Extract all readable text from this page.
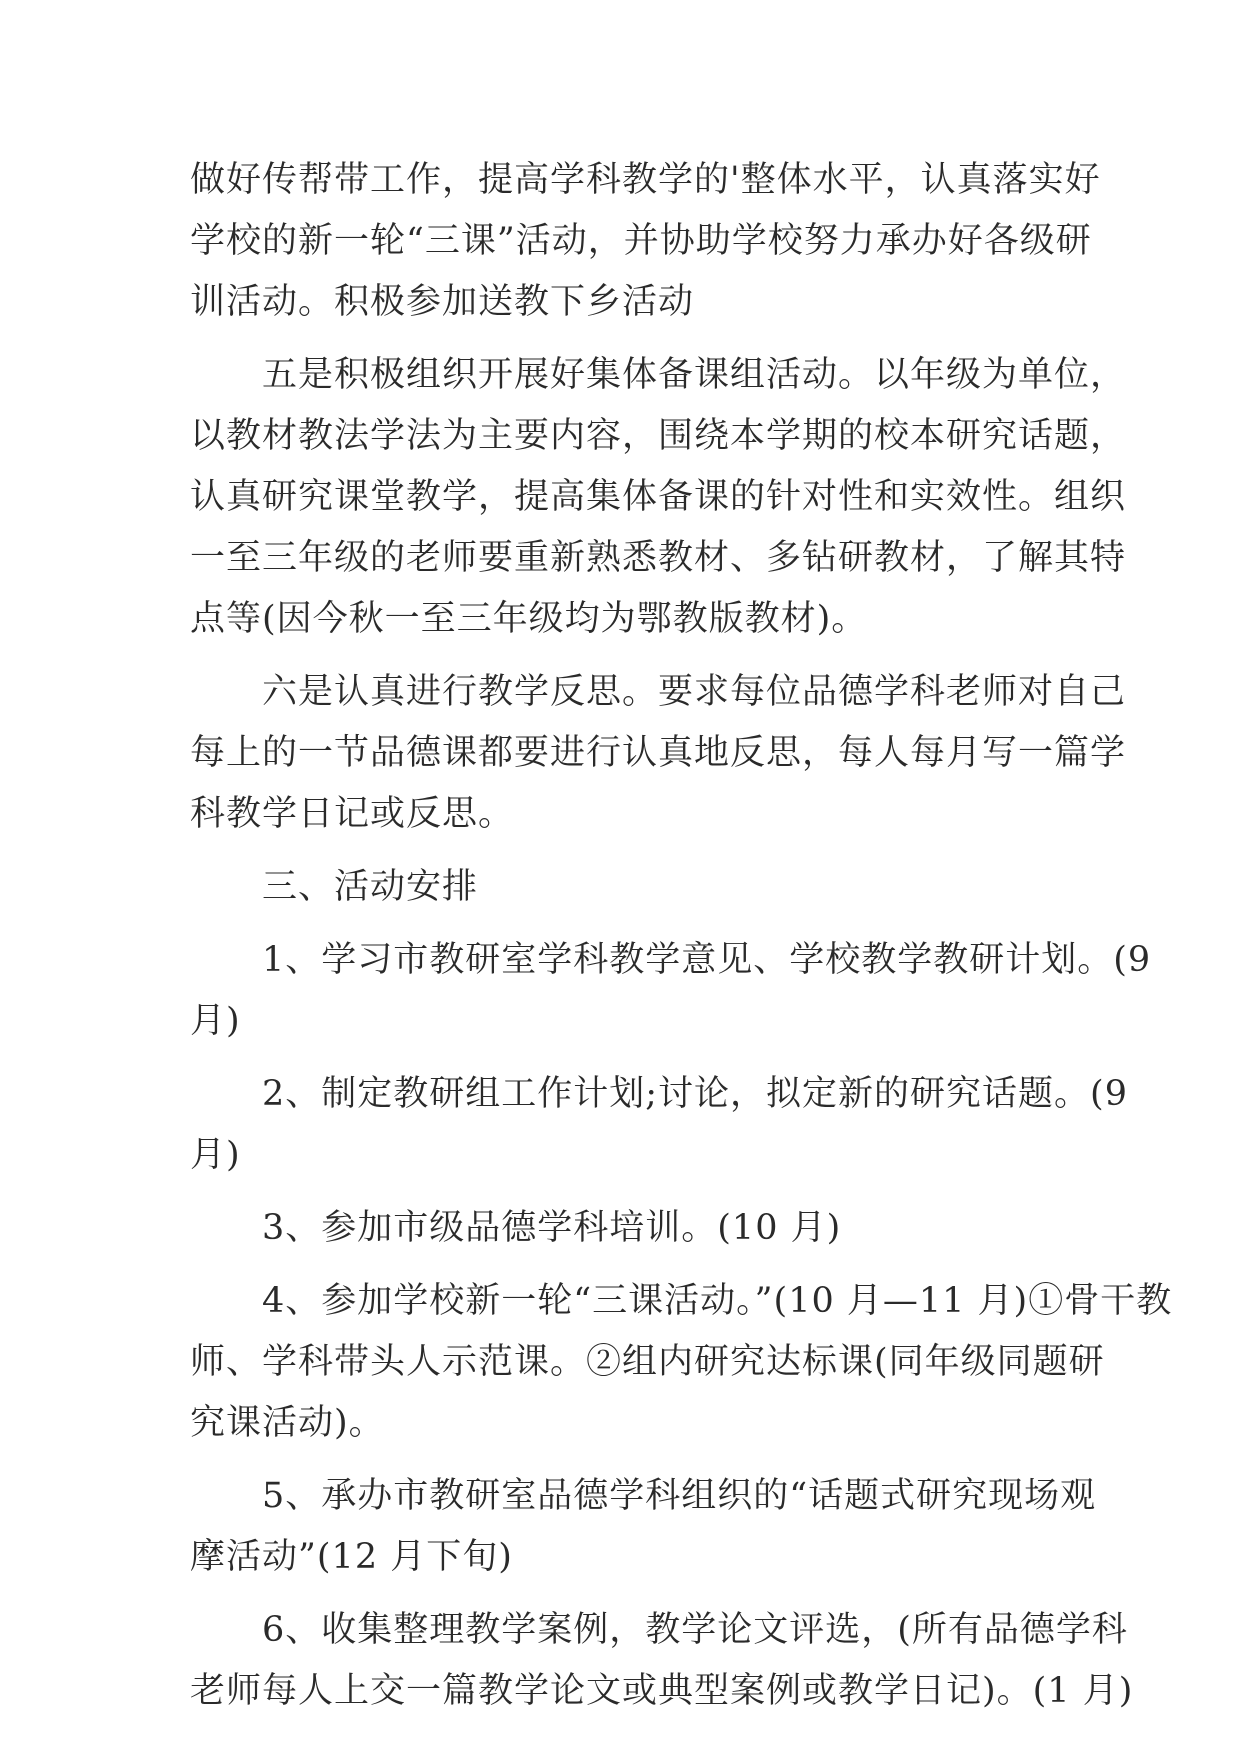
做好传帮带工作，提高学科教学的'整体水平，认真落实好
学校的新一轮“三课”活动，并协助学校努力承办好各级研
训活动。积极参加送教下乡活动
　　五是积极组织开展好集体备课组活动。以年级为单位，
以教材教法学法为主要内容，围绕本学期的校本研究话题，
认真研究课堂教学，提高集体备课的针对性和实效性。组织
一至三年级的老师要重新熟悉教材、多钻研教材，了解其特
点等(因今秋一至三年级均为鄂教版教材)。
　　六是认真进行教学反思。要求每位品德学科老师对自己
每上的一节品德课都要进行认真地反思，每人每月写一篇学
科教学日记或反思。
　　三、活动安排
　　1、学习市教研室学科教学意见、学校教学教研计划。(9
月)
　　2、制定教研组工作计划;讨论，拟定新的研究话题。(9
月)
　　3、参加市级品德学科培训。(10 月)
　　4、参加学校新一轮“三课活动。”(10 月—11 月)①骨干教
师、学科带头人示范课。②组内研究达标课(同年级同题研
究课活动)。
　　5、承办市教研室品德学科组织的“话题式研究现场观
摩活动”(12 月下旬)
　　6、收集整理教学案例，教学论文评选，(所有品德学科
老师每人上交一篇教学论文或典型案例或教学日记)。(1 月)
